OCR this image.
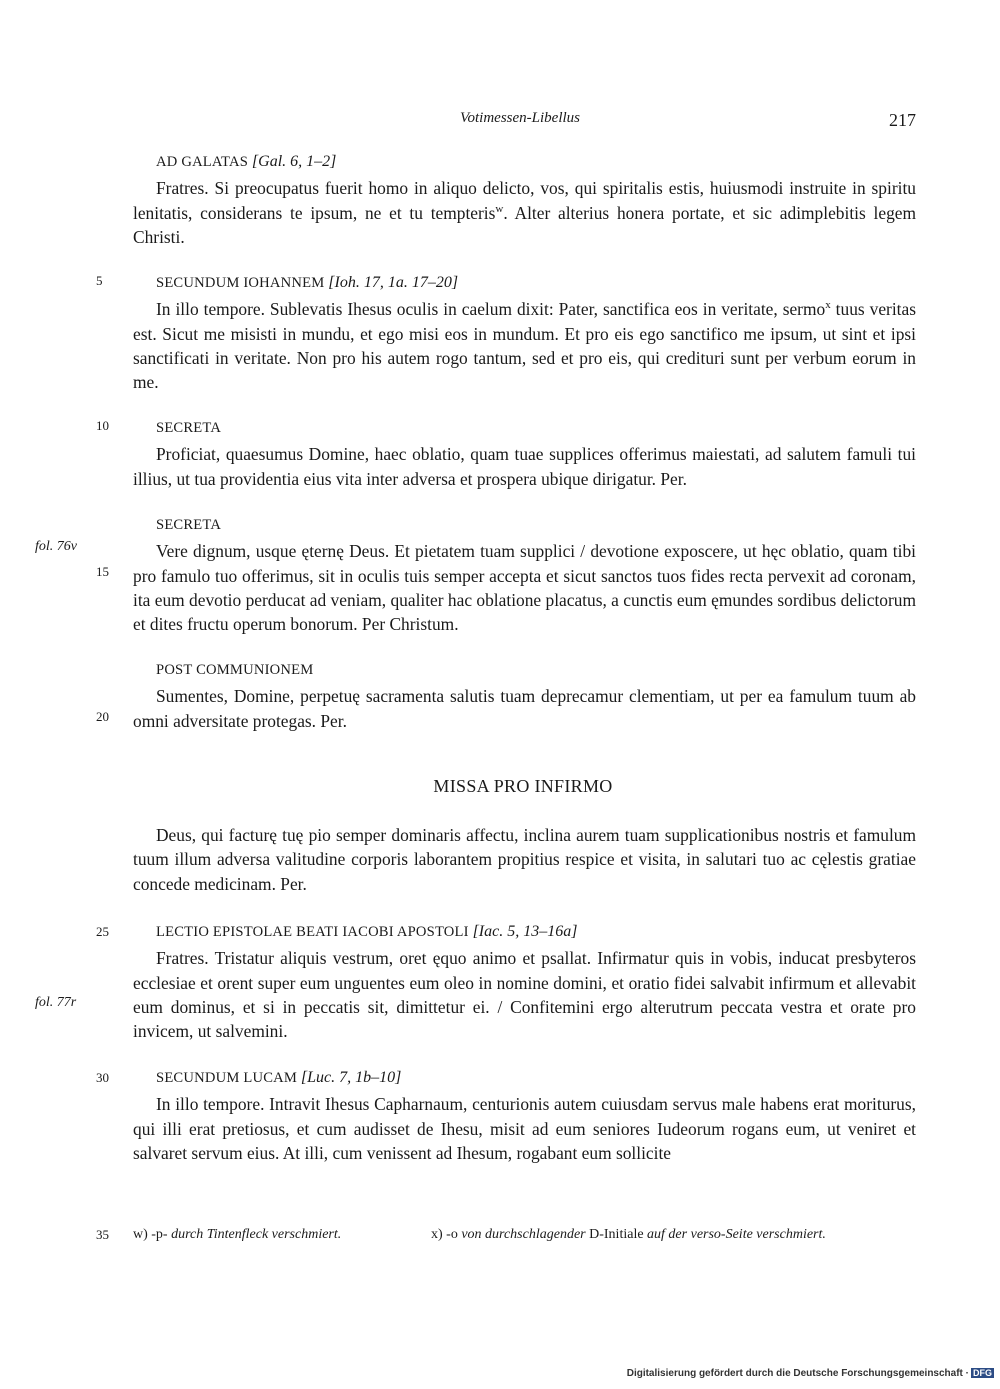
Votimessen-Libellus	217
5
10
15
20
25
30
35
fol. 76v
fol. 77r
AD GALATAS [Gal. 6, 1–2]

Fratres. Si preocupatus fuerit homo in aliquo delicto, vos, qui spiritalis estis, huiusmodi instruite in spiritu lenitatis, considerans te ipsum, ne et tu tempteris$^w$. Alter alterius honera portate, et sic adimplebitis legem Christi.

SECUNDUM IOHANNEM [Ioh. 17, 1a. 17–20]

In illo tempore. Sublevatis Ihesus oculis in caelum dixit: Pater, sanctifica eos in veritate, sermo$^x$ tuus veritas est. Sicut me misisti in mundu, et ego misi eos in mundum. Et pro eis ego sanctifico me ipsum, ut sint et ipsi sanctificati in veritate. Non pro his autem rogo tantum, sed et pro eis, qui credituri sunt per verbum eorum in me.

SECRETA

Proficiat, quaesumus Domine, haec oblatio, quam tuae supplices offerimus maiestati, ad salutem famuli tui illius, ut tua providentia eius vita inter adversa et prospera ubique dirigatur. Per.

SECRETA

Vere dignum, usque ęternę Deus. Et pietatem tuam supplici / devotione exposcere, ut hęc oblatio, quam tibi pro famulo tuo offerimus, sit in oculis tuis semper accepta et sicut sanctos tuos fides recta pervexit ad coronam, ita eum devotio perducat ad veniam, qualiter hac oblatione placatus, a cunctis eum ęmundes sordibus delictorum et dites fructu operum bonorum. Per Christum.

POST COMMUNIONEM

Sumentes, Domine, perpetuę sacramenta salutis tuam deprecamur clementiam, ut per ea famulum tuum ab omni adversitate protegas. Per.

MISSA PRO INFIRMO

Deus, qui facturę tuę pio semper dominaris affectu, inclina aurem tuam supplicationibus nostris et famulum tuum illum adversa valitudine corporis laborantem propitius respice et visita, in salutari tuo ac cęlestis gratiae concede medicinam. Per.

LECTIO EPISTOLAE BEATI IACOBI APOSTOLI [Iac. 5, 13–16a]

Fratres. Tristatur aliquis vestrum, oret ęquo animo et psallat. Infirmatur quis in vobis, inducat presbyteros ecclesiae et orent super eum unguentes eum oleo in nomine domini, et oratio fidei salvabit infirmum et allevabit eum dominus, et si in peccatis sit, dimittetur ei. / Confitemini ergo alterutrum peccata vestra et orate pro invicem, ut salvemini.

SECUNDUM LUCAM [Luc. 7, 1b–10]

In illo tempore. Intravit Ihesus Capharnaum, centurionis autem cuiusdam servus male habens erat moriturus, qui illi erat pretiosus, et cum audisset de Ihesu, misit ad eum seniores Iudeorum rogans eum, ut veniret et salvaret servum eius. At illi, cum venissent ad Ihesum, rogabant eum sollicite

w) -p- durch Tintenfleck verschmiert.	x) -o von durchschlagender D-Initiale auf der verso-Seite verschmiert.
Digitalisierung gefördert durch die Deutsche Forschungsgemeinschaft · DFG
